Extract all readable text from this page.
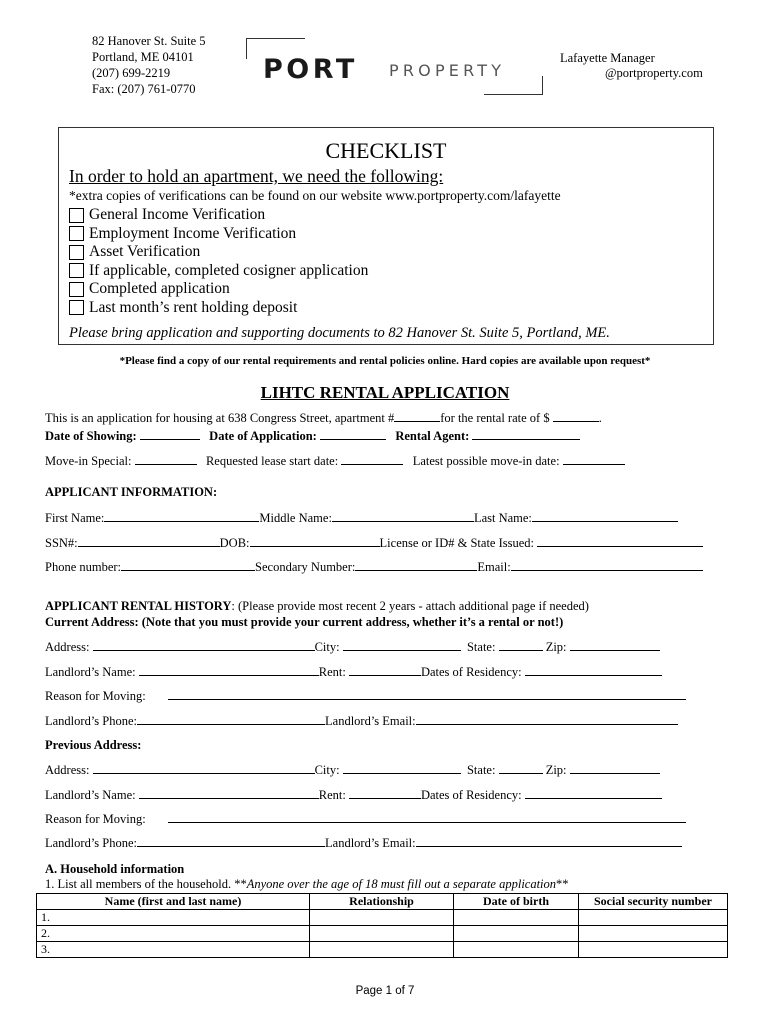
82 Hanover St. Suite 5
Portland, ME 04101
(207) 699-2219
Fax: (207) 761-0770
PORT PROPERTY
Lafayette Manager
@portproperty.com
CHECKLIST
In order to hold an apartment, we need the following:
*extra copies of verifications can be found on our website www.portproperty.com/lafayette
General Income Verification
Employment Income Verification
Asset Verification
If applicable, completed cosigner application
Completed application
Last month’s rent holding deposit
Please bring application and supporting documents to 82 Hanover St. Suite 5, Portland, ME.
*Please find a copy of our rental requirements and rental policies online. Hard copies are available upon request*
LIHTC RENTAL APPLICATION
This is an application for housing at 638 Congress Street, apartment #	for the rental rate of $	.
Date of Showing:	Date of Application:	Rental Agent:
Move-in Special:	Requested lease start date:	Latest possible move-in date:
APPLICANT INFORMATION:
First Name:	Middle Name:	Last Name:
SSN#:	DOB:	License or ID# & State Issued:
Phone number:	Secondary Number:	Email:
APPLICANT RENTAL HISTORY: (Please provide most recent 2 years - attach additional page if needed)
Current Address: (Note that you must provide your current address, whether it’s a rental or not!)
Address:	City:	State:	Zip:
Landlord’s Name:	Rent:	Dates of Residency:
Reason for Moving:
Landlord’s Phone:	Landlord’s Email:
Previous Address:
Address:	City:	State:	Zip:
Landlord’s Name:	Rent:	Dates of Residency:
Reason for Moving:
Landlord’s Phone:	Landlord’s Email:
A. Household information
1. List all members of the household. **Anyone over the age of 18 must fill out a separate application**
Name (first and last name)	Relationship	Date of birth	Social security number
1.			
2.			
3.			
Page 1 of 7
